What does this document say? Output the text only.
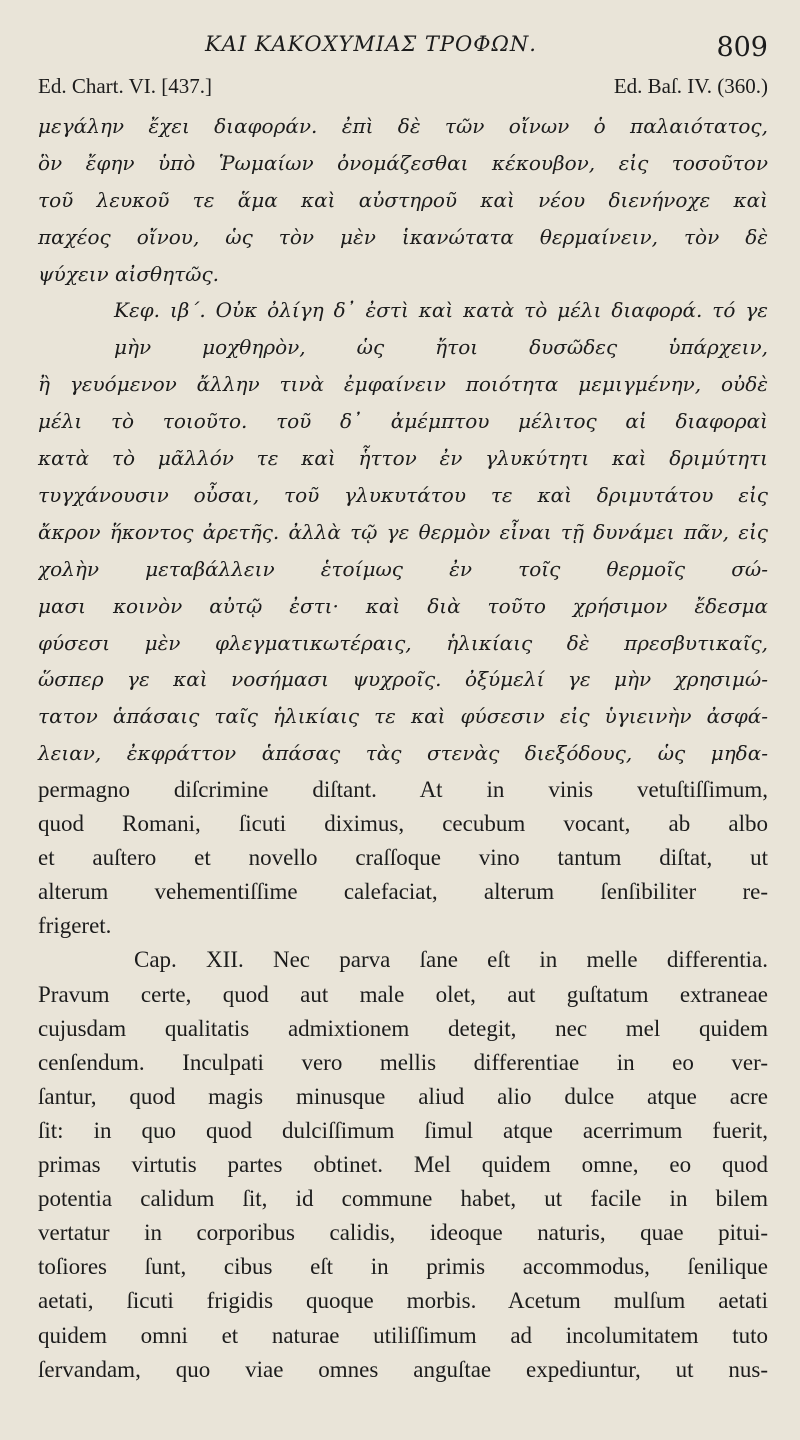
ΚΑΙ ΚΑΚΟΧΥΜΙΑΣ ΤΡΟΦΩΝ.	809
Ed. Chart. VI. [437.]	Ed. Baſ. IV. (360.)
μεγάλην ἔχει διαφοράν. ἐπὶ δὲ τῶν οἴνων ὁ παλαιότατος,
ὃν ἔφην ὑπὸ Ῥωμαίων ὀνομάζεσθαι κέκουβον, εἰς τοσοῦτον
τοῦ λευκοῦ τε ἅμα καὶ αὐστηροῦ καὶ νέου διενήνοχε καὶ
παχέος οἴνου, ὡς τὸν μὲν ἱκανώτατα θερμαίνειν, τὸν δὲ
ψύχειν αἰσθητῶς.
Κεφ. ιβ΄. Οὐκ ὀλίγη δ᾽ ἐστὶ καὶ κατὰ τὸ μέλι διαφορά. τό γε μὴν μοχθηρὸν, ὡς ἤτοι δυσῶδες ὑπάρχειν,
ἢ γευόμενον ἄλλην τινὰ ἐμφαίνειν ποιότητα μεμιγμένην, οὐδὲ
μέλι τὸ τοιοῦτο. τοῦ δ᾽ ἀμέμπτου μέλιτος αἱ διαφοραὶ
κατὰ τὸ μᾶλλόν τε καὶ ἧττον ἐν γλυκύτητι καὶ δριμύτητι
τυγχάνουσιν οὖσαι, τοῦ γλυκυτάτου τε καὶ δριμυτάτου εἰς
ἄκρον ἥκοντος ἀρετῆς. ἀλλὰ τῷ γε θερμὸν εἶναι τῇ δυνάμει πᾶν, εἰς χολὴν μεταβάλλειν ἑτοίμως ἐν τοῖς θερμοῖς σώ-
μασι κοινὸν αὐτῷ ἐστι· καὶ διὰ τοῦτο χρήσιμον ἔδεσμα
φύσεσι μὲν φλεγματικωτέραις, ἡλικίαις δὲ πρεσβυτικαῖς,
ὥσπερ γε καὶ νοσήμασι ψυχροῖς. ὀξύμελί γε μὴν χρησιμώ-
τατον ἁπάσαις ταῖς ἡλικίαις τε καὶ φύσεσιν εἰς ὑγιεινὴν ἀσφά-
λειαν, ἐκφράττον ἁπάσας τὰς στενὰς διεξόδους, ὡς μηδα-
permagno diſcrimine diſtant. At in vinis vetuſtiſſimum,
quod Romani, ſicuti diximus, cecubum vocant, ab albo
et auſtero et novello craſſoque vino tantum diſtat, ut
alterum vehementiſſime calefaciat, alterum ſenſibiliter re-
frigeret.
Cap. XII. Nec parva ſane eſt in melle differentia.
Pravum certe, quod aut male olet, aut guſtatum extraneae
cujusdam qualitatis admixtionem detegit, nec mel quidem
cenſendum. Inculpati vero mellis differentiae in eo ver-
ſantur, quod magis minusque aliud alio dulce atque acre
ſit: in quo quod dulciſſimum ſimul atque acerrimum fuerit,
primas virtutis partes obtinet. Mel quidem omne, eo quod
potentia calidum ſit, id commune habet, ut facile in bilem
vertatur in corporibus calidis, ideoque naturis, quae pitui-
toſiores ſunt, cibus eſt in primis accommodus, ſenilique
aetati, ſicuti frigidis quoque morbis. Acetum mulſum aetati
quidem omni et naturae utiliſſimum ad incolumitatem tuto
ſervandam, quo viae omnes anguſtae expediuntur, ut nus-
